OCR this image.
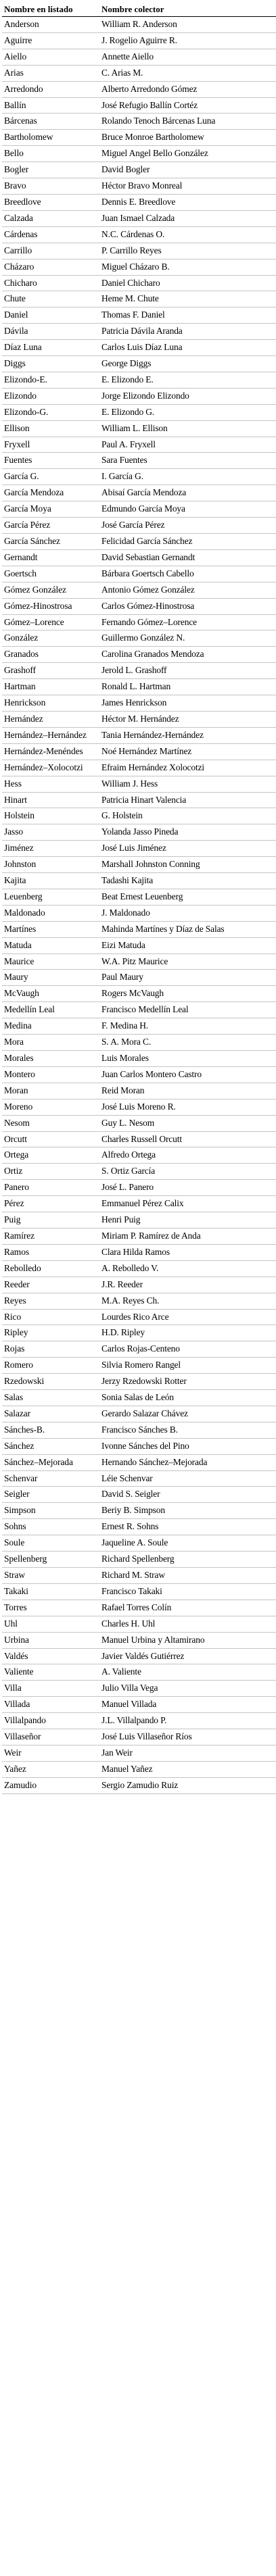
Nombre en listado	Nombre colector
Anderson	William R. Anderson
Aguirre	J. Rogelio Aguirre R.
Aiello	Annette Aiello
Arias	C. Arias M.
Arredondo	Alberto Arredondo Gómez
Ballín	José Refugio Ballín Cortéz
Bárcenas	Rolando Tenoch Bárcenas Luna
Bartholomew	Bruce Monroe Bartholomew
Bello	Miguel Angel Bello González
Bogler	David Bogler
Bravo	Héctor Bravo Monreal
Breedlove	Dennis E. Breedlove
Calzada	Juan Ismael Calzada
Cárdenas	N.C. Cárdenas O.
Carrillo	P. Carrillo Reyes
Cházaro	Miguel Cházaro B.
Chicharo	Daniel Chicharo
Chute	Heme M. Chute
Daniel	Thomas F. Daniel
Dávila	Patricia Dávila Aranda
Díaz Luna	Carlos Luis Díaz Luna
Diggs	George Diggs
Elizondo-E.	E. Elizondo E.
Elizondo	Jorge Elizondo Elizondo
Elizondo-G.	E. Elizondo G.
Ellison	William L. Ellison
Fryxell	Paul A. Fryxell
Fuentes	Sara Fuentes
García G.	I. García G.
García Mendoza	Abisaí García Mendoza
García Moya	Edmundo García Moya
García Pérez	José García Pérez
García Sánchez	Felicidad García Sánchez
Gernandt	David Sebastian Gernandt
Goertsch	Bárbara Goertsch Cabello
Gómez González	Antonio Gómez González
Gómez-Hinostrosa	Carlos Gómez-Hinostrosa
Gómez–Lorence	Fernando Gómez–Lorence
González	Guillermo González N.
Granados	Carolina Granados Mendoza
Grashoff	Jerold L. Grashoff
Hartman	Ronald L. Hartman
Henrickson	James Henrickson
Hernández	Héctor M. Hernández
Hernández–Hernández	Tania Hernández-Hernández
Hernández-Menéndes	Noé Hernández Martínez
Hernández–Xolocotzi	Efraim Hernández Xolocotzi
Hess	William J. Hess
Hinart	Patricia Hinart Valencia
Holstein	G. Holstein
Jasso	Yolanda Jasso Pineda
Jiménez	José Luis Jiménez
Johnston	Marshall Johnston Conning
Kajita	Tadashi Kajita
Leuenberg	Beat Ernest Leuenberg
Maldonado	J. Maldonado
Martínes	Mahinda Martínes y Díaz de Salas
Matuda	Eizi Matuda
Maurice	W.A. Pitz Maurice
Maury	Paul Maury
McVaugh	Rogers McVaugh
Medellín Leal	Francisco Medellín Leal
Medina	F. Medina H.
Mora	S. A. Mora C.
Morales	Luis Morales
Montero	Juan Carlos Montero Castro
Moran	Reid Moran
Moreno	José Luis Moreno R.
Nesom	Guy L. Nesom
Orcutt	Charles Russell Orcutt
Ortega	Alfredo Ortega
Ortiz	S. Ortiz García
Panero	José L. Panero
Pérez	Emmanuel Pérez Calix
Puig	Henri Puig
Ramírez	Miriam P. Ramírez de Anda
Ramos	Clara Hilda Ramos
Rebolledo	A. Rebolledo V.
Reeder	J.R. Reeder
Reyes	M.A. Reyes Ch.
Rico	Lourdes Rico Arce
Ripley	H.D. Ripley
Rojas	Carlos Rojas-Centeno
Romero	Silvia Romero Rangel
Rzedowski	Jerzy Rzedowski Rotter
Salas	Sonia Salas de León
Salazar	Gerardo Salazar Chávez
Sánches-B.	Francisco Sánches B.
Sánchez	Ivonne Sánches del Pino
Sánchez–Mejorada	Hernando Sánchez–Mejorada
Schenvar	Léie Schenvar
Seigler	David S. Seigler
Simpson	Beriy B. Simpson
Sohns	Ernest R. Sohns
Soule	Jaqueline A. Soule
Spellenberg	Richard Spellenberg
Straw	Richard M. Straw
Takaki	Francisco Takaki
Torres	Rafael Torres Colín
Uhl	Charles H. Uhl
Urbina	Manuel Urbina y Altamirano
Valdés	Javier Valdés Gutiérrez
Valiente	A. Valiente
Villa	Julio Villa Vega
Villada	Manuel Villada
Villalpando	J.L. Villalpando P.
Villaseñor	José Luis Villaseñor Ríos
Weir	Jan Weir
Yañez	Manuel Yañez
Zamudio	Sergio Zamudio Ruiz
